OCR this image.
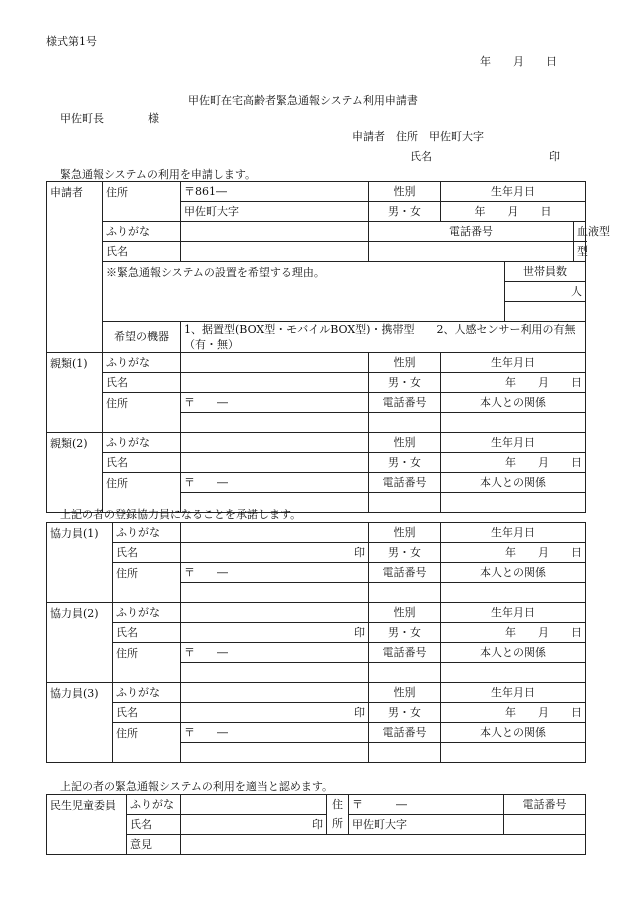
様式第1号
年　　月　　日
甲佐町在宅高齢者緊急通報システム利用申請書
甲佐町長　　　　様
申請者　住所　甲佐町大字
氏名	印
緊急通報システムの利用を申請します。
申請者	住所	〒861―	性別	生年月日		
		甲佐町大字	男・女	年　　月　　日		
	ふりがな		電話番号			血液型
	氏名					型
	※緊急通報システムの設置を希望する理由。				世帯員数	
					人	

	希望の機器	1、据置型(BOX型・モバイルBOX型)・携帯型　　2、人感センサー利用の有無　（有・無）				
親類(1)	ふりがな		性別	生年月日		
	氏名		男・女	年　　月　　日		
	住所	〒　　―	電話番号	本人との関係		

親類(2)	ふりがな		性別	生年月日		
	氏名		男・女	年　　月　　日		
	住所	〒　　―	電話番号	本人との関係		

上記の者の登録協力員になることを承諾します。
協力員(1)	ふりがな		性別	生年月日
	氏名	印	男・女	年　　月　　日
	住所	〒　　―	電話番号	本人との関係

協力員(2)	ふりがな		性別	生年月日
	氏名	印	男・女	年　　月　　日
	住所	〒　　―	電話番号	本人との関係

協力員(3)	ふりがな		性別	生年月日
	氏名	印	男・女	年　　月　　日
	住所	〒　　―	電話番号	本人との関係

上記の者の緊急通報システムの利用を適当と認めます。
民生児童委員	ふりがな		住	〒　　　―	電話番号
	氏名	印	所	甲佐町大字	
	意見				
